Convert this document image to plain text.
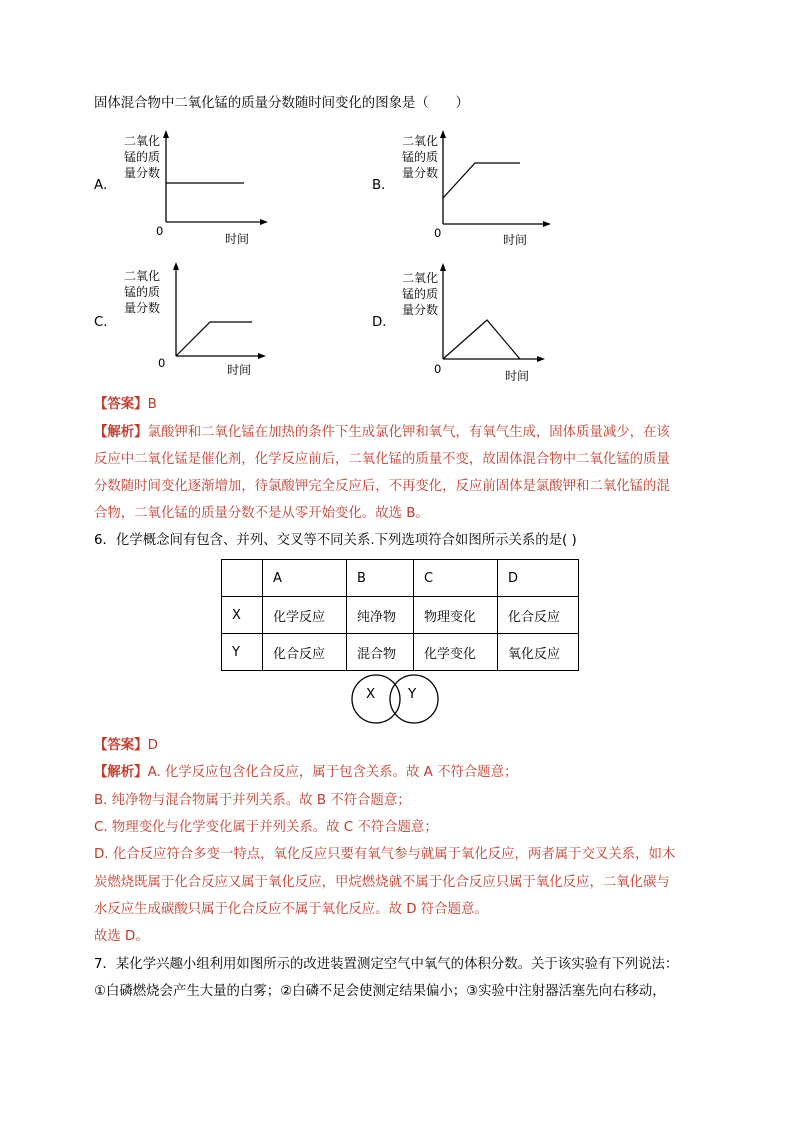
固体混合物中二氧化锰的质量分数随时间变化的图象是（　　）
A．
二氧化
锰的质
量分数
0
时间
B．
二氧化
锰的质
量分数
0	时间
C．
二氧化
锰的质
量分数
0	时间
D．
二氧化
锰的质
量分数
0	时间
【答案】B
【解析】氯酸钾和二氧化锰在加热的条件下生成氯化钾和氧气，有氧气生成，固体质量减少，在该
反应中二氧化锰是催化剂，化学反应前后，二氧化锰的质量不变，故固体混合物中二氧化锰的质量
分数随时间变化逐渐增加，待氯酸钾完全反应后，不再变化，反应前固体是氯酸钾和二氧化锰的混
合物，二氧化锰的质量分数不是从零开始变化。故选 B。
6．化学概念间有包含、并列、交叉等不同关系.下列选项符合如图所示关系的是( )
	A	B	C	D
X	化学反应	纯净物	物理变化	化合反应
Y	化合反应	混合物	化学变化	氧化反应
X Y
【答案】D
【解析】A. 化学反应包含化合反应，属于包含关系。故 A 不符合题意；
B. 纯净物与混合物属于并列关系。故 B 不符合题意；
C. 物理变化与化学变化属于并列关系。故 C 不符合题意；
D. 化合反应符合多变一特点，氧化反应只要有氧气参与就属于氧化反应，两者属于交叉关系，如木
炭燃烧既属于化合反应又属于氧化反应，甲烷燃烧就不属于化合反应只属于氧化反应，二氧化碳与
水反应生成碳酸只属于化合反应不属于氧化反应。故 D 符合题意。
故选 D。
7．某化学兴趣小组利用如图所示的改进装置测定空气中氧气的体积分数。关于该实验有下列说法：
①白磷燃烧会产生大量的白雾；②白磷不足会使测定结果偏小；③实验中注射器活塞先向右移动，
